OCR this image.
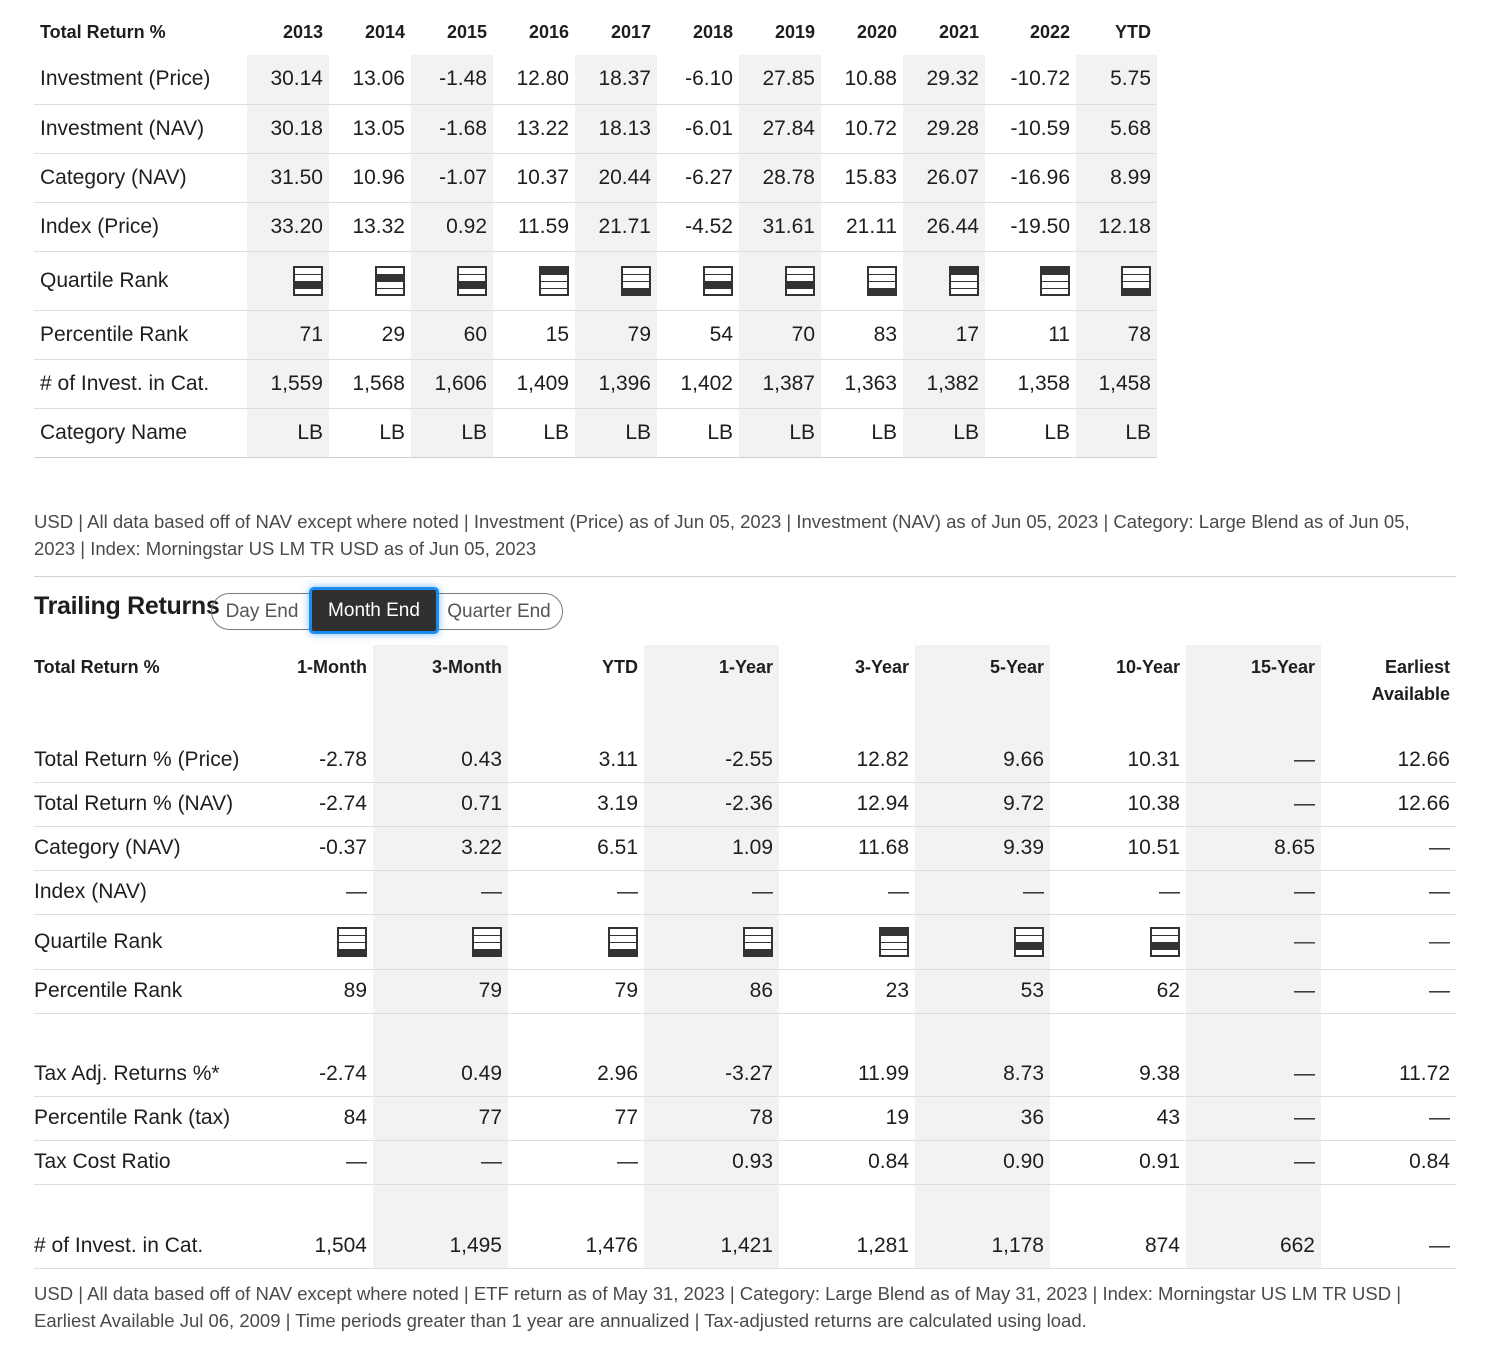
Total Return %	2013	2014	2015	2016	2017	2018	2019	2020	2021	2022	YTD	
Investment (Price)	30.14	13.06	-1.48	12.80	18.37	-6.10	27.85	10.88	29.32	-10.72	5.75	
Investment (NAV)	30.18	13.05	-1.68	13.22	18.13	-6.01	27.84	10.72	29.28	-10.59	5.68	
Category (NAV)	31.50	10.96	-1.07	10.37	20.44	-6.27	28.78	15.83	26.07	-16.96	8.99	
Index (Price)	33.20	13.32	0.92	11.59	21.71	-4.52	31.61	21.11	26.44	-19.50	12.18	
Quartile Rank	

Percentile Rank	71	29	60	15	79	54	70	83	17	11	78	
# of Invest. in Cat.	1,559	1,568	1,606	1,409	1,396	1,402	1,387	1,363	1,382	1,358	1,458	
Category Name	LB	LB	LB	LB	LB	LB	LB	LB	LB	LB	LB	
USD | All data based off of NAV except where noted | Investment (Price) as of Jun 05, 2023 | Investment (NAV) as of Jun 05, 2023 | Category: Large Blend as of Jun 05, 2023 | Index: Morningstar US LM TR USD as of Jun 05, 2023
Trailing Returns Day End	Month End	Quarter End
Total Return %	1-Month	3-Month	YTD	1-Year	3-Year	5-Year	10-Year	15-Year	Earliest Available
Total Return % (Price)	-2.78	0.43	3.11	-2.55	12.82	9.66	10.31	—	12.66
Total Return % (NAV)	-2.74	0.71	3.19	-2.36	12.94	9.72	10.38	—	12.66
Category (NAV)	-0.37	3.22	6.51	1.09	11.68	9.39	10.51	8.65	—
Index (NAV)	—	—	—	—	—	—	—	—	—
Quartile Rank								—	—
Percentile Rank	89	79	79	86	23	53	62	—	—

Tax Adj. Returns %*	-2.74	0.49	2.96	-3.27	11.99	8.73	9.38	—	11.72
Percentile Rank (tax)	84	77	77	78	19	36	43	—	—
Tax Cost Ratio	—	—	—	0.93	0.84	0.90	0.91	—	0.84

# of Invest. in Cat.	1,504	1,495	1,476	1,421	1,281	1,178	874	662	—
USD | All data based off of NAV except where noted | ETF return as of May 31, 2023 | Category: Large Blend as of May 31, 2023 | Index: Morningstar US LM TR USD | Earliest Available Jul 06, 2009 | Time periods greater than 1 year are annualized | Tax-adjusted returns are calculated using load.
